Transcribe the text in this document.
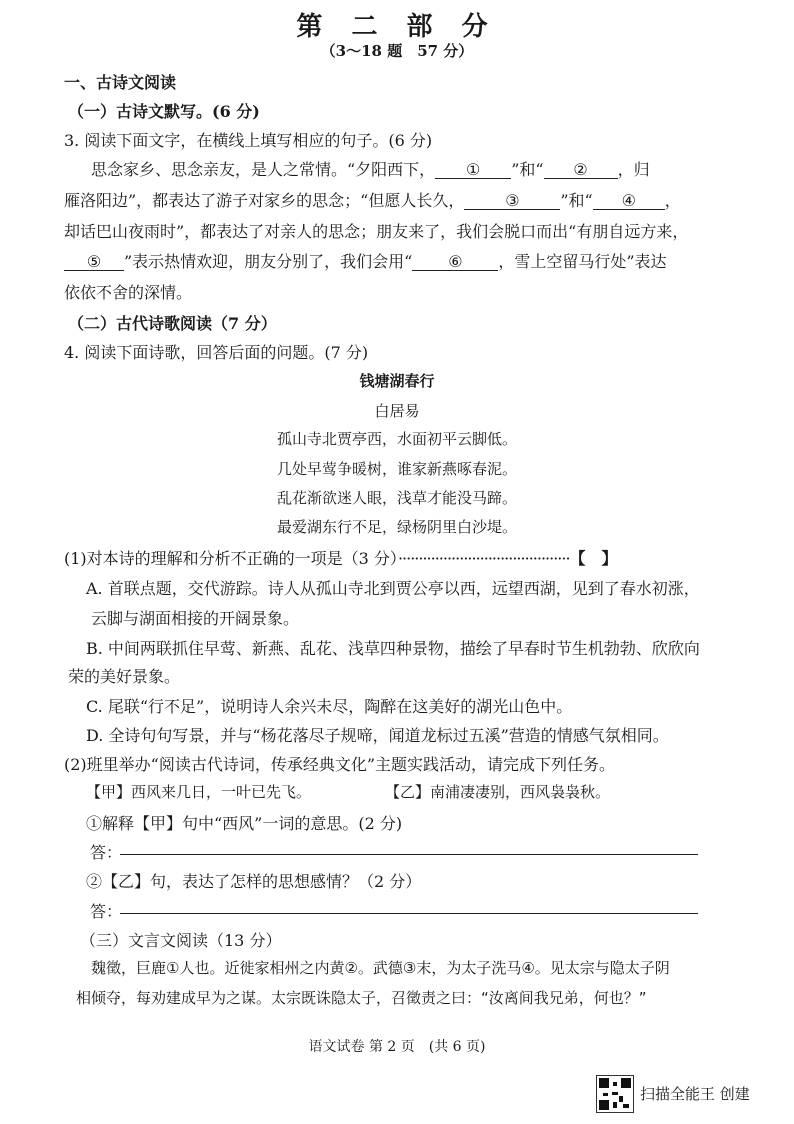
第 二 部 分
（3～18 题　57 分）
一、古诗文阅读
（一）古诗文默写。(6 分)
3. 阅读下面文字，在横线上填写相应的句子。(6 分)
思念家乡、思念亲友，是人之常情。“夕阳西下， ① ”和“ ② ，归
雁洛阳边”，都表达了游子对家乡的思念；“但愿人长久，	③	”和“ ④ ，
却话巴山夜雨时”，都表达了对亲人的思念；朋友来了，我们会脱口而出“有朋自远方来，
⑤ ”表示热情欢迎，朋友分别了，我们会用“ ⑥ ，雪上空留马行处”表达
依依不舍的深情。
（二）古代诗歌阅读（7 分）
4. 阅读下面诗歌，回答后面的问题。(7 分)
钱塘湖春行
白居易
孤山寺北贾亭西，水面初平云脚低。
几处早莺争暖树，谁家新燕啄春泥。
乱花渐欲迷人眼，浅草才能没马蹄。
最爱湖东行不足，绿杨阴里白沙堤。
(1)对本诗的理解和分析不正确的一项是（3 分）·········································· 【　】
A. 首联点题，交代游踪。诗人从孤山寺北到贾公亭以西，远望西湖，见到了春水初涨，
云脚与湖面相接的开阔景象。
B. 中间两联抓住早莺、新燕、乱花、浅草四种景物，描绘了早春时节生机勃勃、欣欣向
荣的美好景象。
C. 尾联“行不足”，说明诗人余兴未尽，陶醉在这美好的湖光山色中。
D. 全诗句句写景，并与“杨花落尽子规啼，闻道龙标过五溪”营造的情感气氛相同。
(2)班里举办“阅读古代诗词，传承经典文化”主题实践活动，请完成下列任务。
【甲】西风来几日，一叶已先飞。	【乙】南浦凄凄别，西风袅袅秋。
①解释【甲】句中“西风”一词的意思。(2 分)
答：
②【乙】句，表达了怎样的思想感情？（2 分）
答：
（三）文言文阅读（13 分）
魏徵，巨鹿①人也。近徙家相州之内黄②。武德③末，为太子洗马④。见太宗与隐太子阴
相倾夺，每劝建成早为之谋。太宗既诛隐太子，召徵责之曰：“汝离间我兄弟，何也？”
语文试卷 第 2 页　(共 6 页)
扫描全能王 创建
